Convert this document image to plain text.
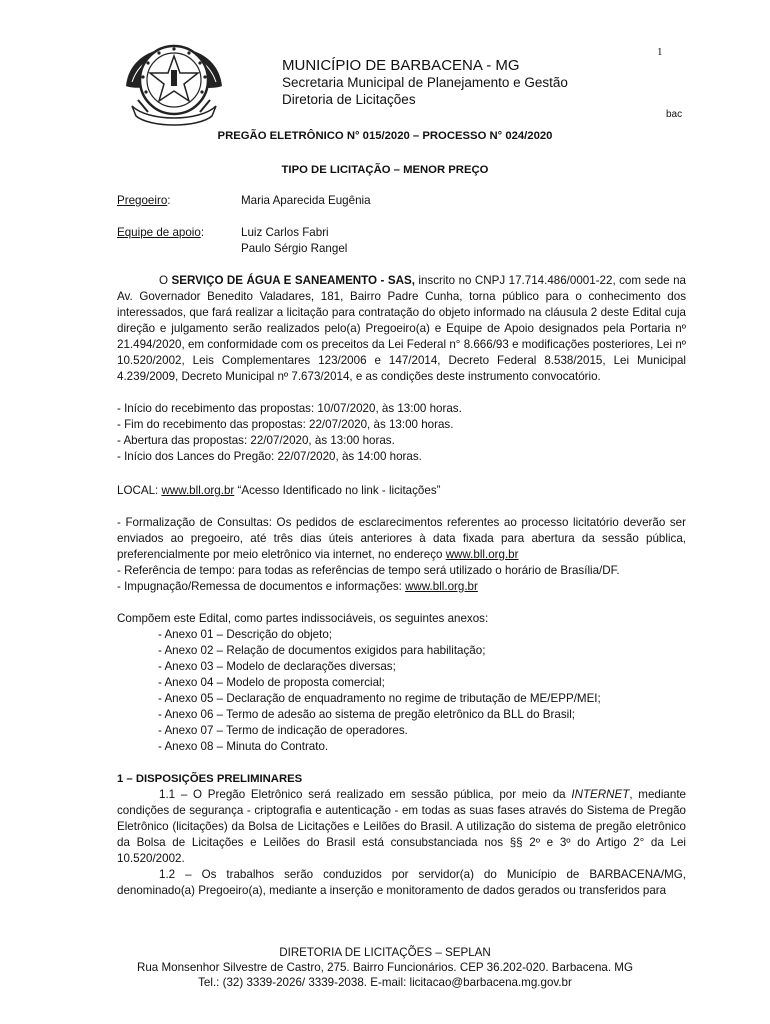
1
MUNICÍPIO DE BARBACENA - MG
Secretaria Municipal de Planejamento e Gestão
Diretoria de Licitações
bac
PREGÃO ELETRÔNICO N° 015/2020 – PROCESSO N° 024/2020
TIPO DE LICITAÇÃO – MENOR PREÇO
Pregoeiro:	Maria Aparecida Eugênia
Equipe de apoio:	Luiz Carlos Fabri
Paulo Sérgio Rangel

O SERVIÇO DE ÁGUA E SANEAMENTO - SAS, inscrito no CNPJ 17.714.486/0001-22, com sede na Av. Governador Benedito Valadares, 181, Bairro Padre Cunha, torna público para o conhecimento dos interessados, que fará realizar a licitação para contratação do objeto informado na cláusula 2 deste Edital cuja direção e julgamento serão realizados pelo(a) Pregoeiro(a) e Equipe de Apoio designados pela Portaria nº 21.494/2020, em conformidade com os preceitos da Lei Federal n° 8.666/93 e modificações posteriores, Lei nº 10.520/2002, Leis Complementares 123/2006 e 147/2014, Decreto Federal 8.538/2015, Lei Municipal 4.239/2009, Decreto Municipal nº 7.673/2014, e as condições deste instrumento convocatório.

- Início do recebimento das propostas: 10/07/2020, às 13:00 horas.

- Fim do recebimento das propostas: 22/07/2020, às 13:00 horas.

- Abertura das propostas: 22/07/2020, às 13:00 horas.

- Início dos Lances do Pregão: 22/07/2020, às 14:00 horas.

LOCAL: www.bll.org.br “Acesso Identificado no link - licitações”

- Formalização de Consultas: Os pedidos de esclarecimentos referentes ao processo licitatório deverão ser enviados ao pregoeiro, até três dias úteis anteriores à data fixada para abertura da sessão pública, preferencialmente por meio eletrônico via internet, no endereço www.bll.org.br

- Referência de tempo: para todas as referências de tempo será utilizado o horário de Brasília/DF.

- Impugnação/Remessa de documentos e informações: www.bll.org.br

Compõem este Edital, como partes indissociáveis, os seguintes anexos:
- Anexo 01 – Descrição do objeto;
- Anexo 02 – Relação de documentos exigidos para habilitação;
- Anexo 03 – Modelo de declarações diversas;
- Anexo 04 – Modelo de proposta comercial;
- Anexo 05 – Declaração de enquadramento no regime de tributação de ME/EPP/MEI;
- Anexo 06 – Termo de adesão ao sistema de pregão eletrônico da BLL do Brasil;
- Anexo 07 – Termo de indicação de operadores.
- Anexo 08 – Minuta do Contrato.
1 – DISPOSIÇÕES PRELIMINARES

1.1 – O Pregão Eletrônico será realizado em sessão pública, por meio da INTERNET, mediante condições de segurança - criptografia e autenticação - em todas as suas fases através do Sistema de Pregão Eletrônico (licitações) da Bolsa de Licitações e Leilões do Brasil. A utilização do sistema de pregão eletrônico da Bolsa de Licitações e Leilões do Brasil está consubstanciada nos §§ 2º e 3º do Artigo 2° da Lei 10.520/2002.

1.2 – Os trabalhos serão conduzidos por servidor(a) do Município de BARBACENA/MG, denominado(a) Pregoeiro(a), mediante a inserção e monitoramento de dados gerados ou transferidos para

DIRETORIA DE LICITAÇÕES – SEPLAN
Rua Monsenhor Silvestre de Castro, 275. Bairro Funcionários. CEP 36.202-020. Barbacena. MG
Tel.: (32) 3339-2026/ 3339-2038. E-mail: licitacao@barbacena.mg.gov.br
